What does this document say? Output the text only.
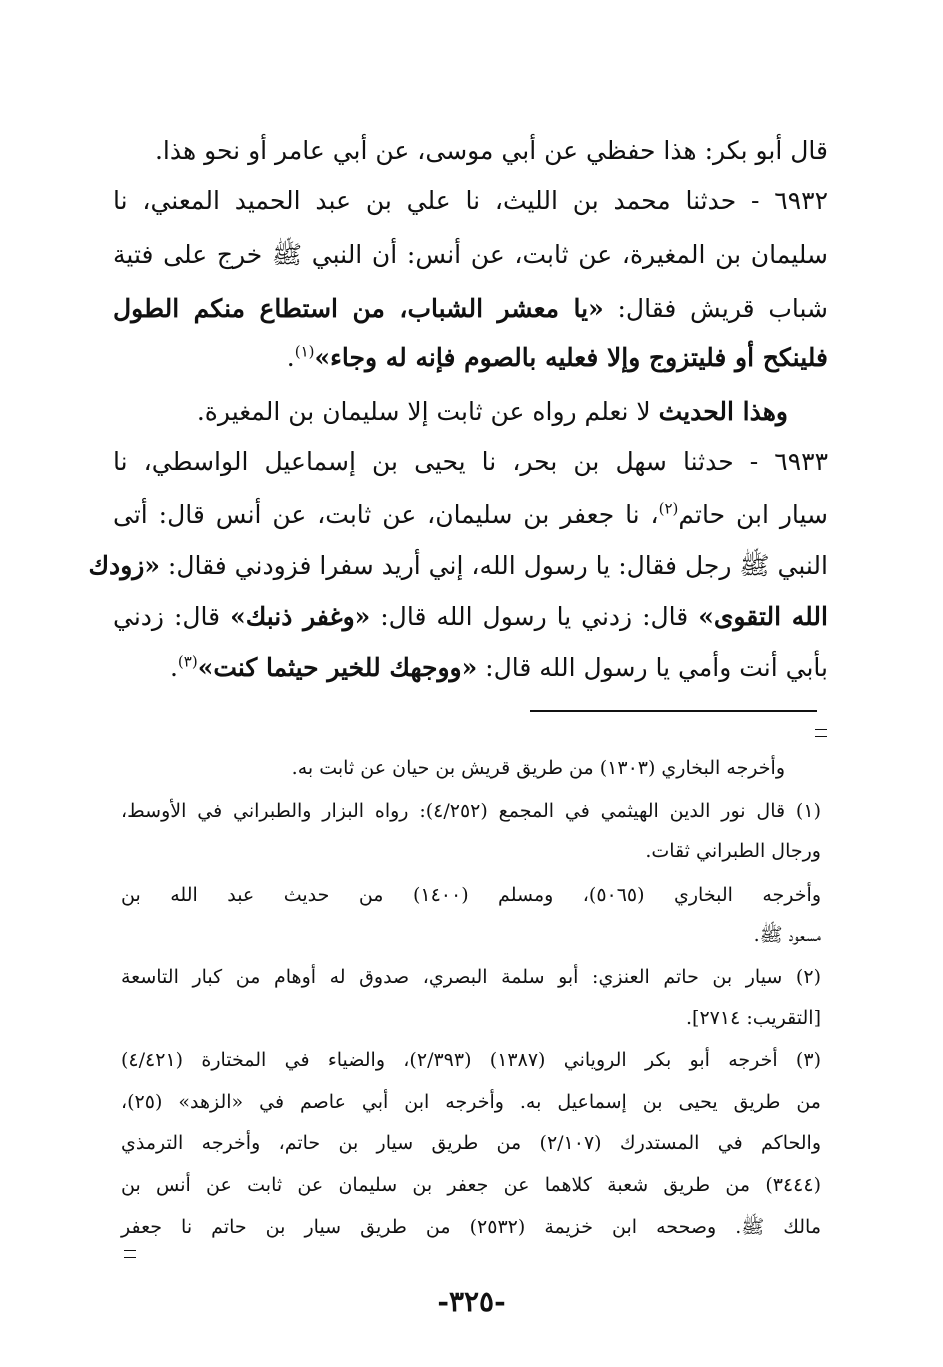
قال أبو بكر: هذا حفظي عن أبي موسى، عن أبي عامر أو نحو هذا.
٦٩٣٢ - حدثنا محمد بن الليث، نا علي بن عبد الحميد المعني، نا
سليمان بن المغيرة، عن ثابت، عن أنس: أن النبي ﷺ خرج على فتية
شباب قريش فقال: «يا معشر الشباب، من استطاع منكم الطول
فلينكح أو فليتزوج وإلا فعليه بالصوم فإنه له وجاء»$^{(١)}$.
وهذا الحديث لا نعلم رواه عن ثابت إلا سليمان بن المغيرة.
٦٩٣٣ - حدثنا سهل بن بحر، نا يحيى بن إسماعيل الواسطي، نا
سيار ابن حاتم$^{(٢)}$، نا جعفر بن سليمان، عن ثابت، عن أنس قال: أتى
النبي ﷺ رجل فقال: يا رسول الله، إني أريد سفرا فزودني فقال: «زودك
الله التقوى» قال: زدني يا رسول الله قال: «وغفر ذنبك» قال: زدني
بأبي أنت وأمي يا رسول الله قال: «ووجهك للخير حيثما كنت»$^{(٣)}$.
وأخرجه البخاري (١٣٠٣) من طريق قريش بن حيان عن ثابت به.
(١) قال نور الدين الهيثمي في المجمع (٤/٢٥٢): رواه البزار والطبراني في الأوسط،
ورجال الطبراني ثقات.
وأخرجه البخاري (٥٠٦٥)، ومسلم (١٤٠٠) من حديث عبد الله بن
مسعود ﷺ.
(٢) سيار بن حاتم العنزي: أبو سلمة البصري، صدوق له أوهام من كبار التاسعة
[التقريب: ٢٧١٤].
(٣) أخرجه أبو بكر الروياني (١٣٨٧) (٢/٣٩٣)، والضياء في المختارة (٤/٤٢١)
من طريق يحيى بن إسماعيل به. وأخرجه ابن أبي عاصم في «الزهد» (٢٥)،
والحاكم في المستدرك (٢/١٠٧) من طريق سيار بن حاتم، وأخرجه الترمذي
(٣٤٤٤) من طريق شعبة كلاهما عن جعفر بن سليمان عن ثابت عن أنس بن
مالك ﷺ. وصححه ابن خزيمة (٢٥٣٢) من طريق سيار بن حاتم نا جعفر
-٣٢٥-
